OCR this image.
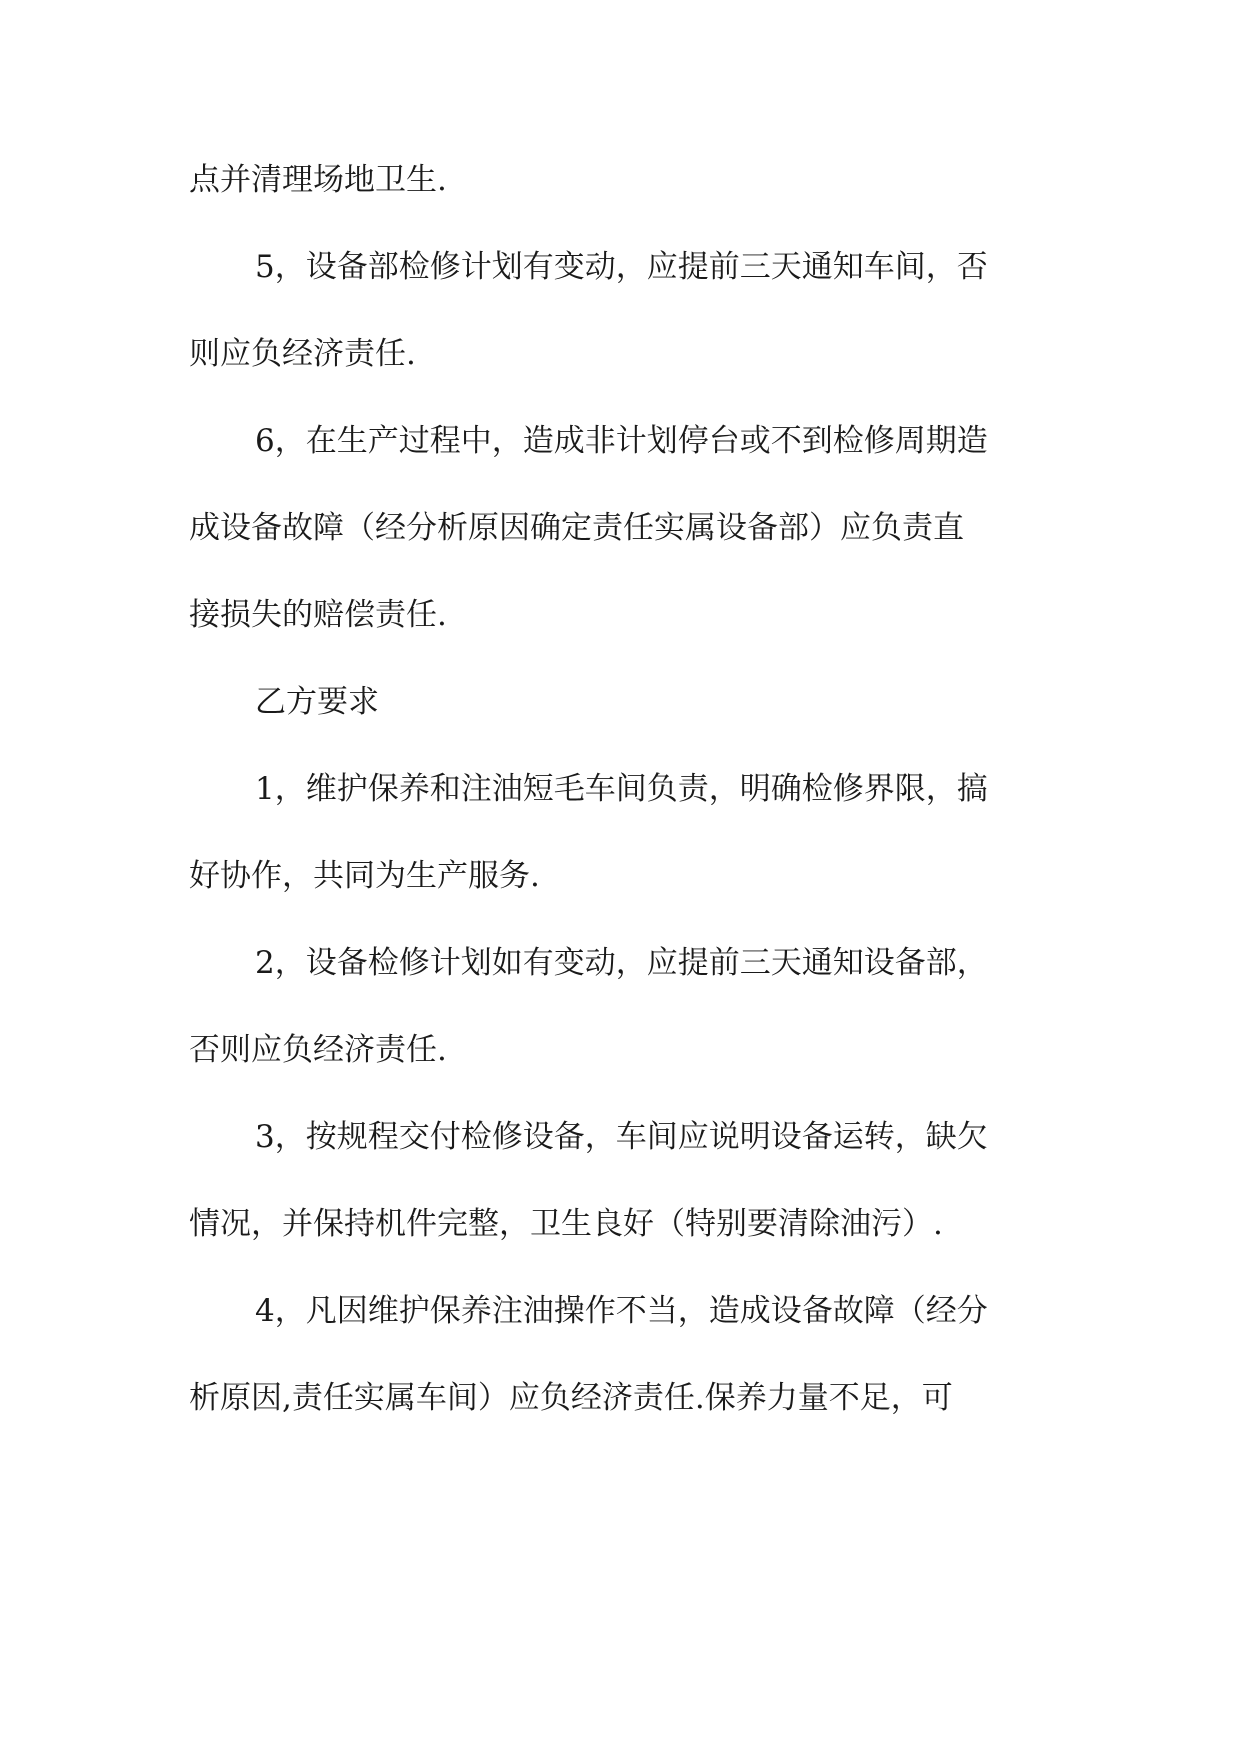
点并清理场地卫生.
5，设备部检修计划有变动，应提前三天通知车间，否
则应负经济责任.
6，在生产过程中，造成非计划停台或不到检修周期造
成设备故障（经分析原因确定责任实属设备部）应负责直
接损失的赔偿责任.
乙方要求
1，维护保养和注油短毛车间负责，明确检修界限，搞
好协作，共同为生产服务.
2，设备检修计划如有变动，应提前三天通知设备部，
否则应负经济责任.
3，按规程交付检修设备，车间应说明设备运转，缺欠
情况，并保持机件完整，卫生良好（特别要清除油污）.
4，凡因维护保养注油操作不当，造成设备故障（经分
析原因,责任实属车间）应负经济责任.保养力量不足，可
